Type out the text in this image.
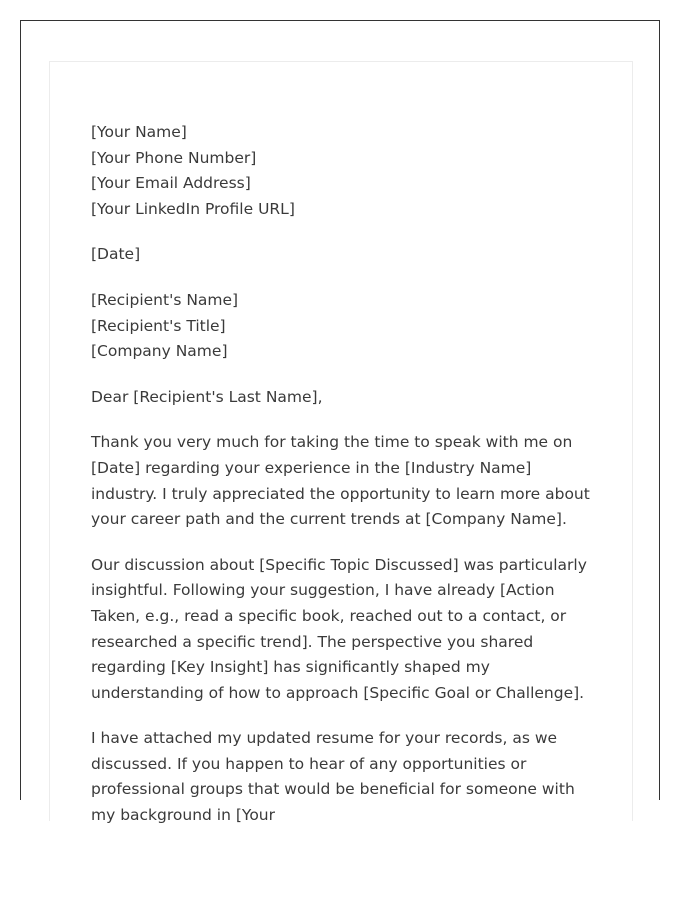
[Your Name]
[Your Phone Number]
[Your Email Address]
[Your LinkedIn Profile URL]
[Date]
[Recipient's Name]
[Recipient's Title]
[Company Name]
Dear [Recipient's Last Name],

Thank you very much for taking the time to speak with me on [Date] regarding your experience in the [Industry Name] industry. I truly appreciated the opportunity to learn more about your career path and the current trends at [Company Name].

Our discussion about [Specific Topic Discussed] was particularly insightful. Following your suggestion, I have already [Action Taken, e.g., read a specific book, reached out to a contact, or researched a specific trend]. The perspective you shared regarding [Key Insight] has significantly shaped my understanding of how to approach [Specific Goal or Challenge].

I have attached my updated resume for your records, as we discussed. If you happen to hear of any opportunities or professional groups that would be beneficial for someone with my background in [Your
